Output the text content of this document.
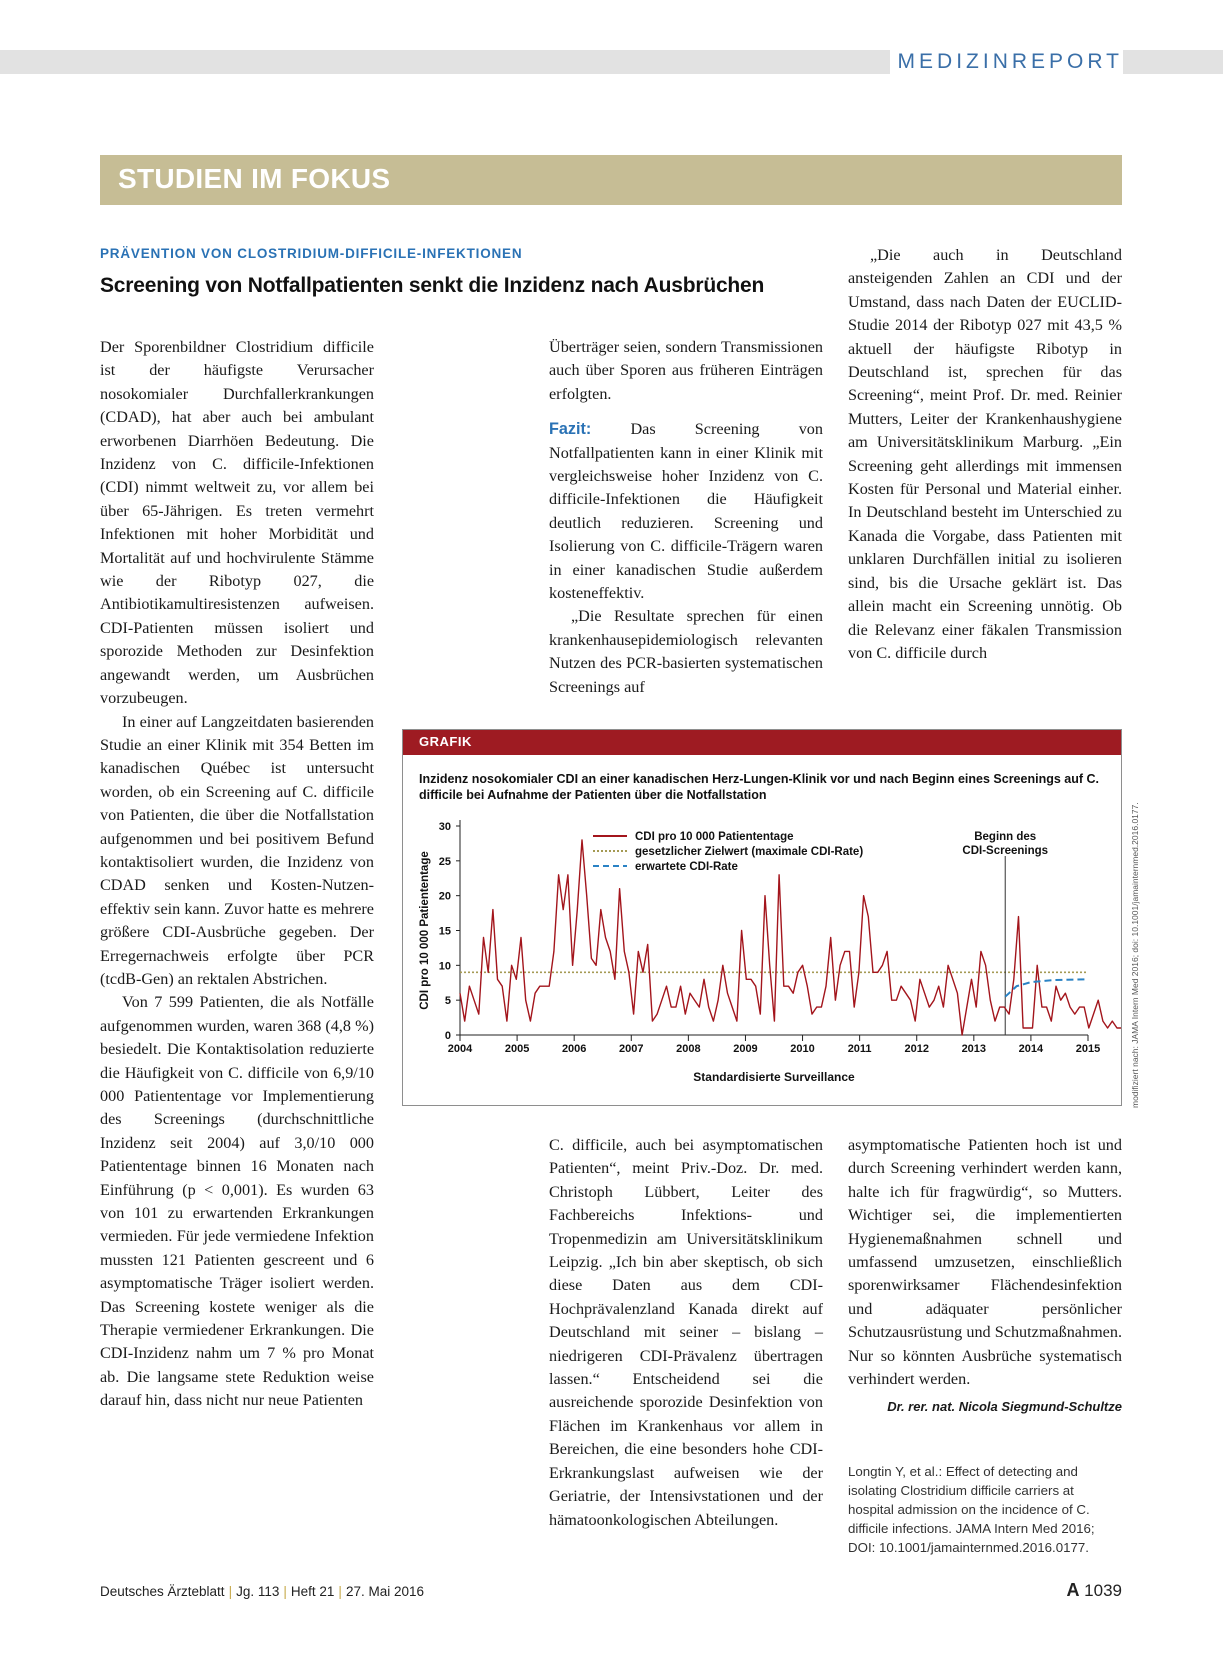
MEDIZINREPORT
STUDIEN IM FOKUS
PRÄVENTION VON CLOSTRIDIUM-DIFFICILE-INFEKTIONEN
Screening von Notfallpatienten senkt die Inzidenz nach Ausbrüchen

Der Sporenbildner Clostridium difficile ist der häufigste Verursacher nosokomialer Durchfallerkrankungen (CDAD), hat aber auch bei ambulant erworbenen Diarrhöen Bedeutung. Die Inzidenz von C. difficile-Infektionen (CDI) nimmt weltweit zu, vor allem bei über 65-Jährigen. Es treten vermehrt Infektionen mit hoher Morbidität und Mortalität auf und hochvirulente Stämme wie der Ribotyp 027, die Antibiotikamultiresistenzen aufweisen. CDI-Patienten müssen isoliert und sporozide Methoden zur Desinfektion angewandt werden, um Ausbrüchen vorzubeugen.

In einer auf Langzeitdaten basierenden Studie an einer Klinik mit 354 Betten im kanadischen Québec ist untersucht worden, ob ein Screening auf C. difficile von Patienten, die über die Notfallstation aufgenommen und bei positivem Befund kontaktisoliert wurden, die Inzidenz von CDAD senken und Kosten-Nutzen-effektiv sein kann. Zuvor hatte es mehrere größere CDI-Ausbrüche gegeben. Der Erregernachweis erfolgte über PCR (tcdB-Gen) an rektalen Abstrichen.

Von 7 599 Patienten, die als Notfälle aufgenommen wurden, waren 368 (4,8 %) besiedelt. Die Kontaktisolation reduzierte die Häufigkeit von C. difficile von 6,9/10 000 Patiententage vor Implementierung des Screenings (durchschnittliche Inzidenz seit 2004) auf 3,0/10 000 Patiententage binnen 16 Monaten nach Einführung (p < 0,001). Es wurden 63 von 101 zu erwartenden Erkrankungen vermieden. Für jede vermiedene Infektion mussten 121 Patienten gescreent und 6 asymptomatische Träger isoliert werden. Das Screening kostete weniger als die Therapie vermiedener Erkrankungen. Die CDI-Inzidenz nahm um 7 % pro Monat ab. Die langsame stete Reduktion weise darauf hin, dass nicht nur neue Patienten

Überträger seien, sondern Transmissionen auch über Sporen aus früheren Einträgen erfolgten.

Fazit: Das Screening von Notfallpatienten kann in einer Klinik mit vergleichsweise hoher Inzidenz von C. difficile-Infektionen die Häufigkeit deutlich reduzieren. Screening und Isolierung von C. difficile-Trägern waren in einer kanadischen Studie außerdem kosteneffektiv.

„Die Resultate sprechen für einen krankenhausepidemiologisch relevanten Nutzen des PCR-basierten systematischen Screenings auf

„Die auch in Deutschland ansteigenden Zahlen an CDI und der Umstand, dass nach Daten der EUCLID-Studie 2014 der Ribotyp 027 mit 43,5 % aktuell der häufigste Ribotyp in Deutschland ist, sprechen für das Screening“, meint Prof. Dr. med. Reinier Mutters, Leiter der Krankenhaushygiene am Universitätsklinikum Marburg. „Ein Screening geht allerdings mit immensen Kosten für Personal und Material einher. In Deutschland besteht im Unterschied zu Kanada die Vorgabe, dass Patienten mit unklaren Durchfällen initial zu isolieren sind, bis die Ursache geklärt ist. Das allein macht ein Screening unnötig. Ob die Relevanz einer fäkalen Transmission von C. difficile durch

GRAFIK
Inzidenz nosokomialer CDI an einer kanadischen Herz-Lungen-Klinik vor und nach Beginn eines Screenings auf C. difficile bei Aufnahme der Patienten über die Notfallstation
0
5
10
15
20
25
30
2004	2005	2006	2007	2008	2009	2010	2011	2012	2013	2014	2015
CDI pro 10 000 Patiententage
Standardisierte Surveillance
Beginn des
CDI-Screenings
CDI pro 10 000 Patiententage
gesetzlicher Zielwert (maximale CDI-Rate)
erwartete CDI-Rate	modifiziert nach: JAMA Intern Med 2016; doi: 10.1001/jamainternmed.2016.0177.

C. difficile, auch bei asymptomatischen Patienten“, meint Priv.-Doz. Dr. med. Christoph Lübbert, Leiter des Fachbereichs Infektions- und Tropenmedizin am Universitätsklinikum Leipzig. „Ich bin aber skeptisch, ob sich diese Daten aus dem CDI-Hochprävalenzland Kanada direkt auf Deutschland mit seiner – bislang – niedrigeren CDI-Prävalenz übertragen lassen.“ Entscheidend sei die ausreichende sporozide Desinfektion von Flächen im Krankenhaus vor allem in Bereichen, die eine besonders hohe CDI-Erkrankungslast aufweisen wie der Geriatrie, der Intensivstationen und der hämatoonkologischen Abteilungen.

asymptomatische Patienten hoch ist und durch Screening verhindert werden kann, halte ich für fragwürdig“, so Mutters. Wichtiger sei, die implementierten Hygienemaßnahmen schnell und umfassend umzusetzen, einschließlich sporenwirksamer Flächendesinfektion und adäquater persönlicher Schutzausrüstung und Schutzmaßnahmen. Nur so könnten Ausbrüche systematisch verhindert werden.

Dr. rer. nat. Nicola Siegmund-Schultze

Longtin Y, et al.: Effect of detecting and isolating Clostridium difficile carriers at hospital admission on the incidence of C. difficile infections. JAMA Intern Med 2016; DOI: 10.1001/jamainternmed.2016.0177.
Deutsches Ärzteblatt | Jg. 113 | Heft 21 | 27. Mai 2016	A 1039
